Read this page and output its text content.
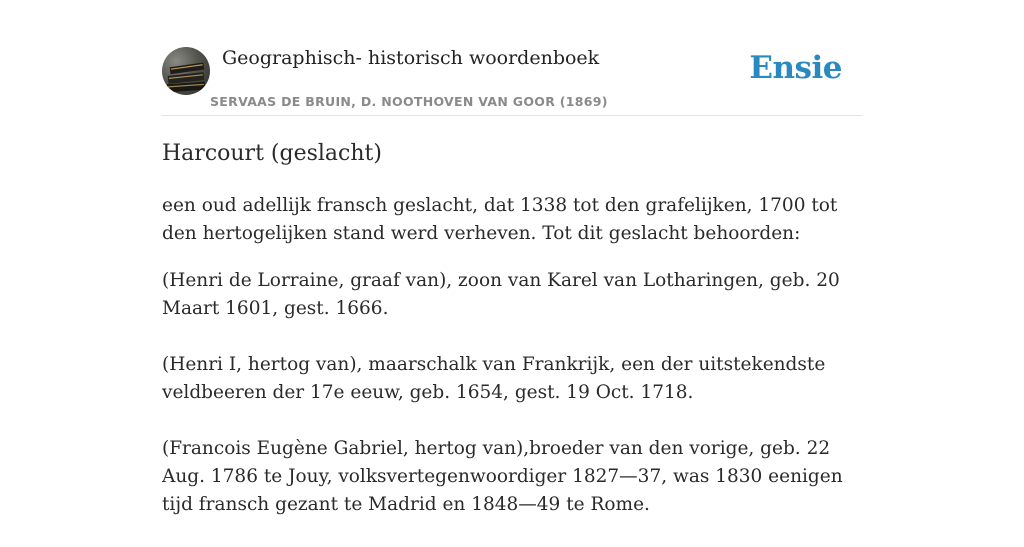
Geographisch- historisch woordenboek
SERVAAS DE BRUIN, D. NOOTHOVEN VAN GOOR (1869)
Ensie
Harcourt (geslacht)

een oud adellijk fransch geslacht, dat 1338 tot den grafelijken, 1700 tot den hertogelijken stand werd verheven. Tot dit geslacht behoorden:

(Henri de Lorraine, graaf van), zoon van Karel van Lotharingen, geb. 20 Maart 1601, gest. 1666.

(Henri I, hertog van), maarschalk van Frankrijk, een der uitstekendste veldbeeren der 17e eeuw, geb. 1654, gest. 19 Oct. 1718.

(Francois Eugène Gabriel, hertog van),broeder van den vorige, geb. 22 Aug. 1786 te Jouy, volksvertegenwoordiger 1827—37, was 1830 eenigen tijd fransch gezant te Madrid en 1848—49 te Rome.
